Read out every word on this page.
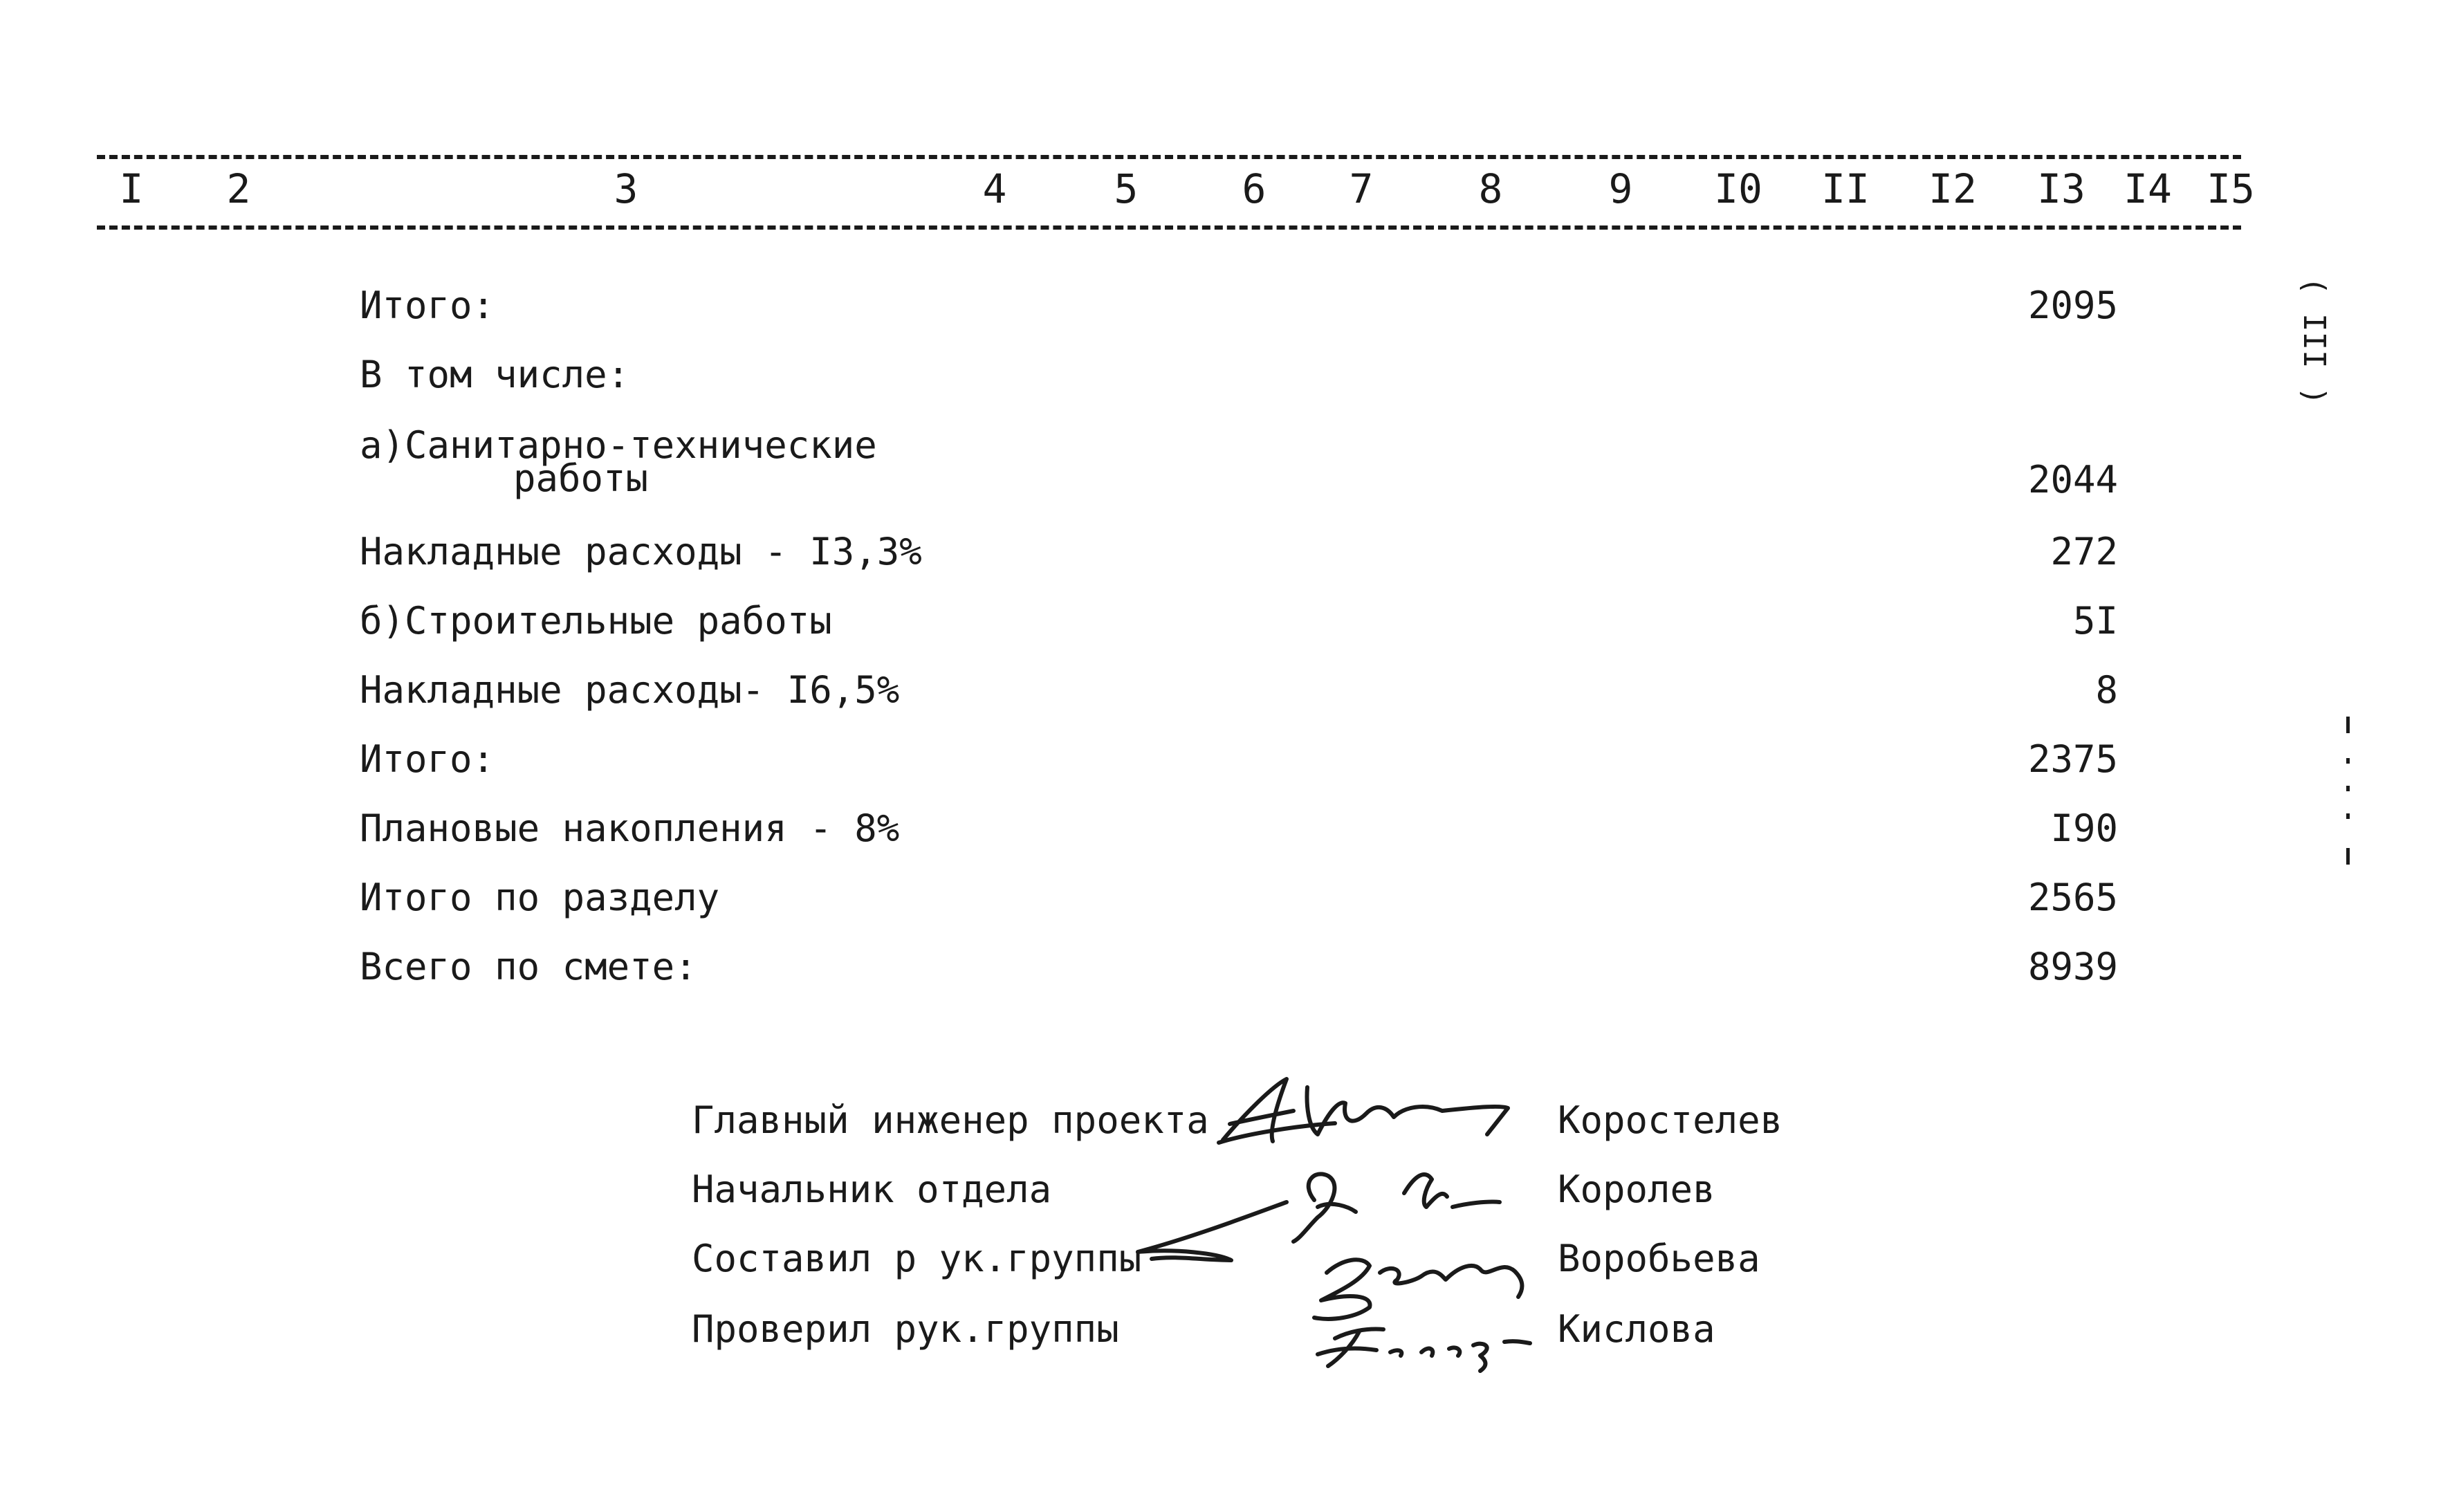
I 2	3	4	5	6 7	8	9 I0 II I2 I3 I4 I5
Итого:	2095
В том числе:
а)Санитарно-технические
работы	2044
Накладные расходы - I3,3%	272
б)Строительные работы	5I
Накладные расходы- I6,5%	8
Итого:	2375
Плановые накопления - 8%	I90
Итого по разделу	2565
Всего по смете:	8939
Главный инженер проекта	Коростелев
Начальник отдела	Королев
Составил р ук.группы	Воробьева
Проверил рук.группы	Кислова
( III )
